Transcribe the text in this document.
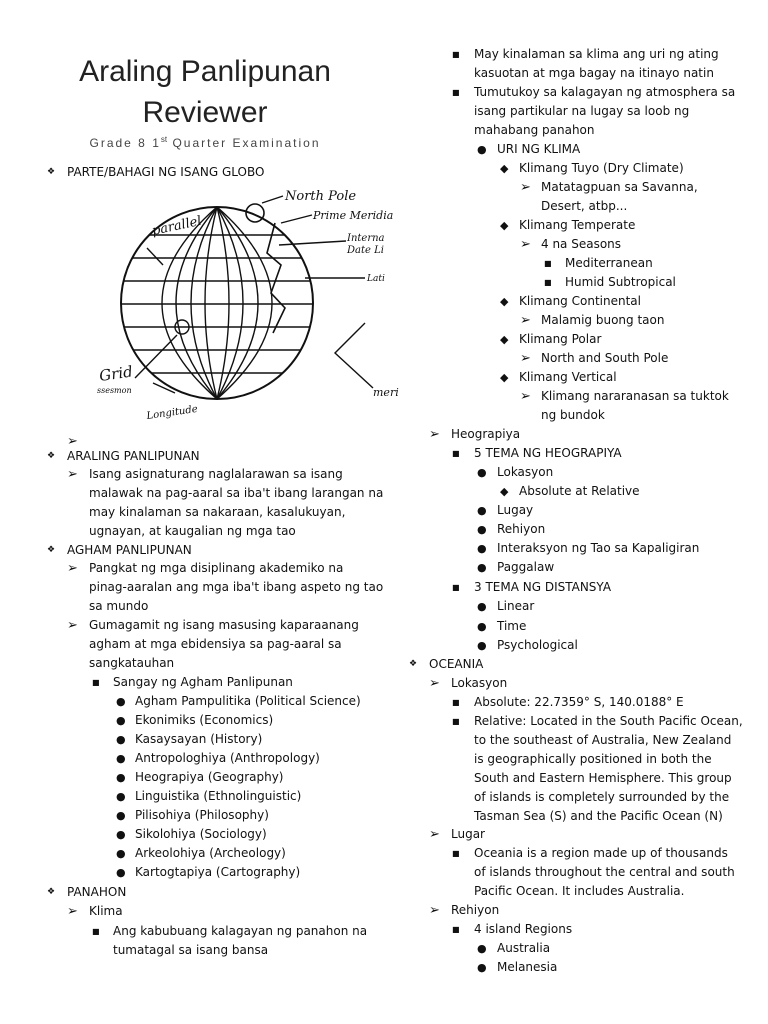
Araling Panlipunan
Reviewer
Grade 8 1st Quarter Examination
❖ PARTE/BAHAGI NG ISANG GLOBO
North Pole
Prime Meridia
Interna
Date Li
Lati
parallel
Grid
ssesmon
Longitude
meri
➢
❖ ARALING PANLIPUNAN
➢ Isang asignaturang naglalarawan sa isang
malawak na pag-aaral sa iba't ibang larangan na
may kinalaman sa nakaraan, kasalukuyan,
ugnayan, at kaugalian ng mga tao
❖ AGHAM PANLIPUNAN
➢ Pangkat ng mga disiplinang akademiko na
pinag-aaralan ang mga iba't ibang aspeto ng tao
sa mundo
➢ Gumagamit ng isang masusing kaparaanang
agham at mga ebidensiya sa pag-aaral sa
sangkatauhan
■ Sangay ng Agham Panlipunan
● Agham Pampulitika (Political Science)
● Ekonimiks (Economics)
● Kasaysayan (History)
● Antropologhiya (Anthropology)
● Heograpiya (Geography)
● Linguistika (Ethnolinguistic)
● Pilisohiya (Philosophy)
● Sikolohiya (Sociology)
● Arkeolohiya (Archeology)
● Kartogtapiya (Cartography)
❖ PANAHON
➢ Klima
■ Ang kabubuang kalagayan ng panahon na
tumatagal sa isang bansa
■ May kinalaman sa klima ang uri ng ating
kasuotan at mga bagay na itinayo natin
■ Tumutukoy sa kalagayan ng atmosphera sa
isang partikular na lugay sa loob ng
mahabang panahon
● URI NG KLIMA
◆ Klimang Tuyo (Dry Climate)
➢ Matatagpuan sa Savanna,
Desert, atbp...
◆ Klimang Temperate
➢ 4 na Seasons
■ Mediterranean
■ Humid Subtropical
◆ Klimang Continental
➢ Malamig buong taon
◆ Klimang Polar
➢ North and South Pole
◆ Klimang Vertical
➢ Klimang nararanasan sa tuktok
ng bundok
➢ Heograpiya
■ 5 TEMA NG HEOGRAPIYA
● Lokasyon
◆ Absolute at Relative
● Lugay
● Rehiyon
● Interaksyon ng Tao sa Kapaligiran
● Paggalaw
■ 3 TEMA NG DISTANSYA
● Linear
● Time
● Psychological
❖ OCEANIA
➢ Lokasyon
■ Absolute: 22.7359° S, 140.0188° E
■ Relative: Located in the South Pacific Ocean,
to the southeast of Australia, New Zealand
is geographically positioned in both the
South and Eastern Hemisphere. This group
of islands is completely surrounded by the
Tasman Sea (S) and the Pacific Ocean (N)
➢ Lugar
■ Oceania is a region made up of thousands
of islands throughout the central and south
Pacific Ocean. It includes Australia.
➢ Rehiyon
■ 4 island Regions
● Australia
● Melanesia
